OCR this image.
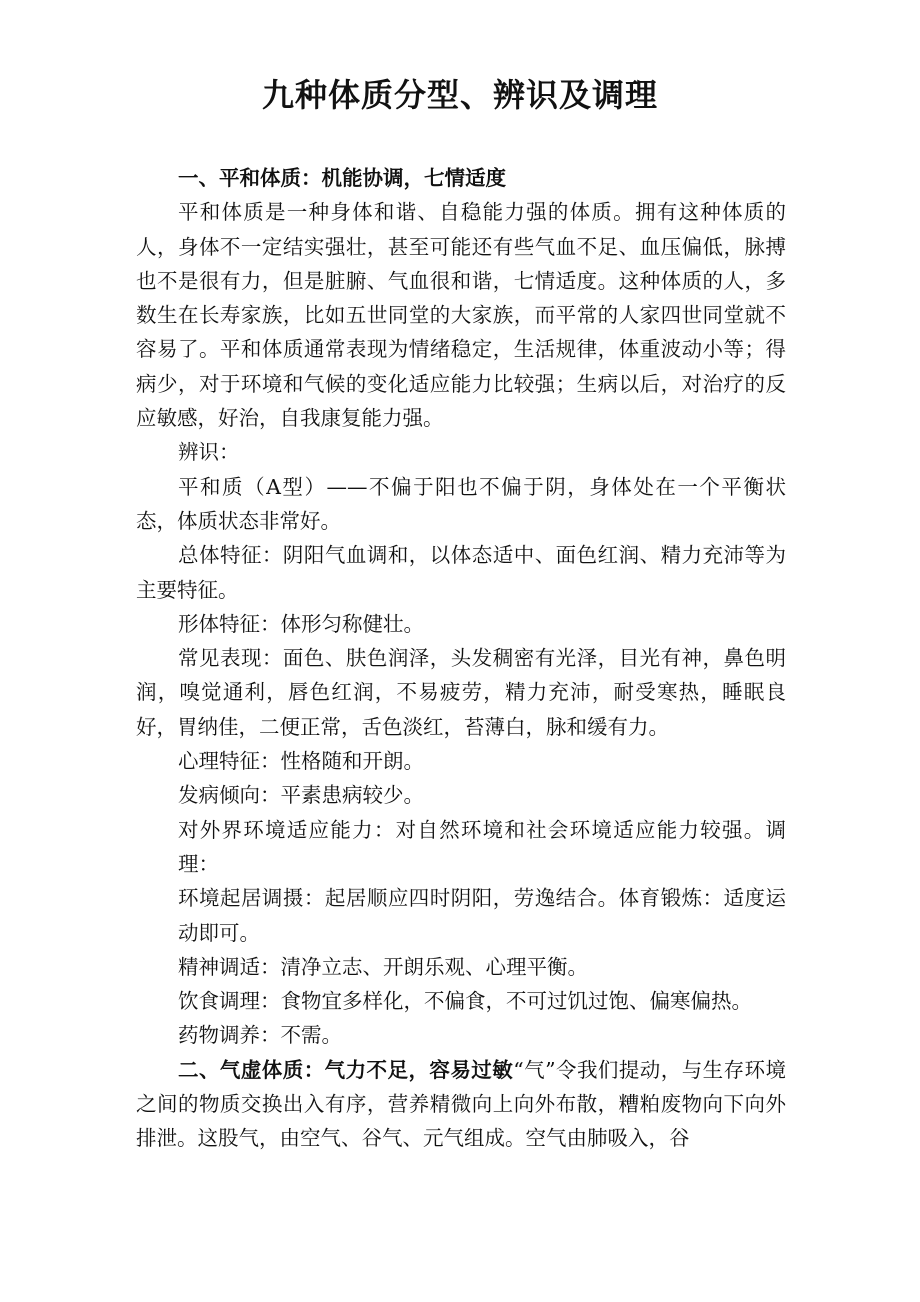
九种体质分型、辨识及调理

一、平和体质：机能协调，七情适度

平和体质是一种身体和谐、自稳能力强的体质。拥有这种体质的人，身体不一定结实强壮，甚至可能还有些气血不足、血压偏低，脉搏也不是很有力，但是脏腑、气血很和谐，七情适度。这种体质的人，多数生在长寿家族，比如五世同堂的大家族，而平常的人家四世同堂就不容易了。平和体质通常表现为情绪稳定，生活规律，体重波动小等；得病少，对于环境和气候的变化适应能力比较强；生病以后，对治疗的反应敏感，好治，自我康复能力强。

辨识：

平和质（A型）——不偏于阳也不偏于阴，身体处在一个平衡状态，体质状态非常好。

总体特征：阴阳气血调和，以体态适中、面色红润、精力充沛等为主要特征。

形体特征：体形匀称健壮。

常见表现：面色、肤色润泽，头发稠密有光泽，目光有神，鼻色明润，嗅觉通利，唇色红润，不易疲劳，精力充沛，耐受寒热，睡眠良好，胃纳佳，二便正常，舌色淡红，苔薄白，脉和缓有力。

心理特征：性格随和开朗。

发病倾向：平素患病较少。

对外界环境适应能力：对自然环境和社会环境适应能力较强。调理：

环境起居调摄：起居顺应四时阴阳，劳逸结合。体育锻炼：适度运动即可。

精神调适：清净立志、开朗乐观、心理平衡。

饮食调理：食物宜多样化，不偏食，不可过饥过饱、偏寒偏热。

药物调养：不需。

二、气虚体质：气力不足，容易过敏“气”令我们提动，与生存环境之间的物质交换出入有序，营养精微向上向外布散，糟粕废物向下向外排泄。这股气，由空气、谷气、元气组成。空气由肺吸入，谷
